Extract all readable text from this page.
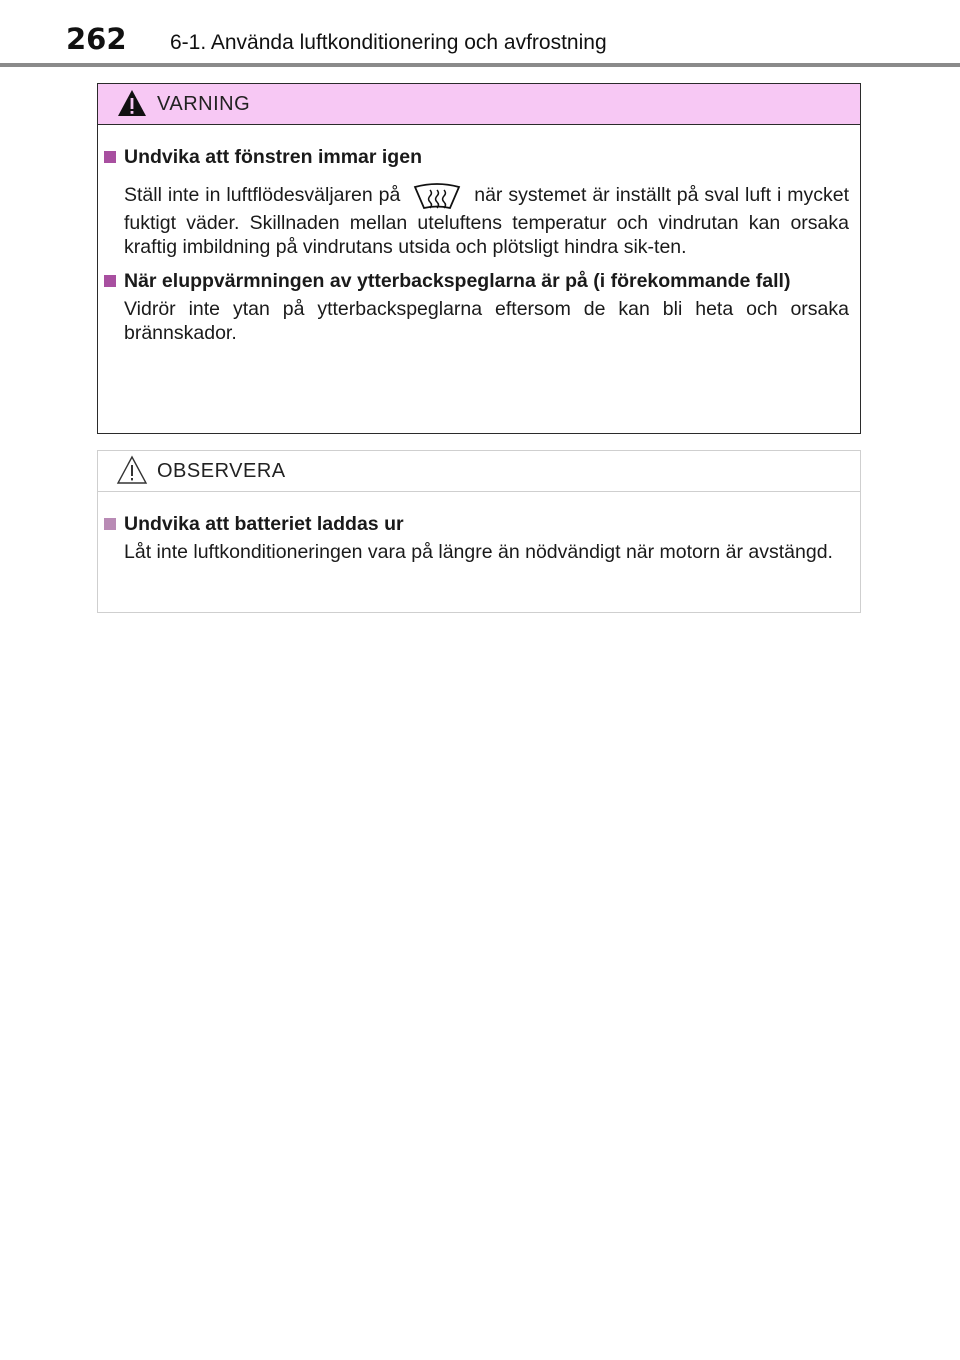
262 6-1. Använda luftkonditionering och avfrostning
VARNING
Undvika att fönstren immar igen
Ställ inte in luftflödesväljaren på	när systemet är inställt på sval luft i mycket fuktigt väder. Skillnaden mellan uteluftens temperatur och vindrutan kan orsaka kraftig imbildning på vindrutans utsida och plötsligt hindra sik-ten.
När eluppvärmningen av ytterbackspeglarna är på (i förekommande fall)
Vidrör inte ytan på ytterbackspeglarna eftersom de kan bli heta och orsaka brännskador.
OBSERVERA
Undvika att batteriet laddas ur
Låt inte luftkonditioneringen vara på längre än nödvändigt när motorn är avstängd.
